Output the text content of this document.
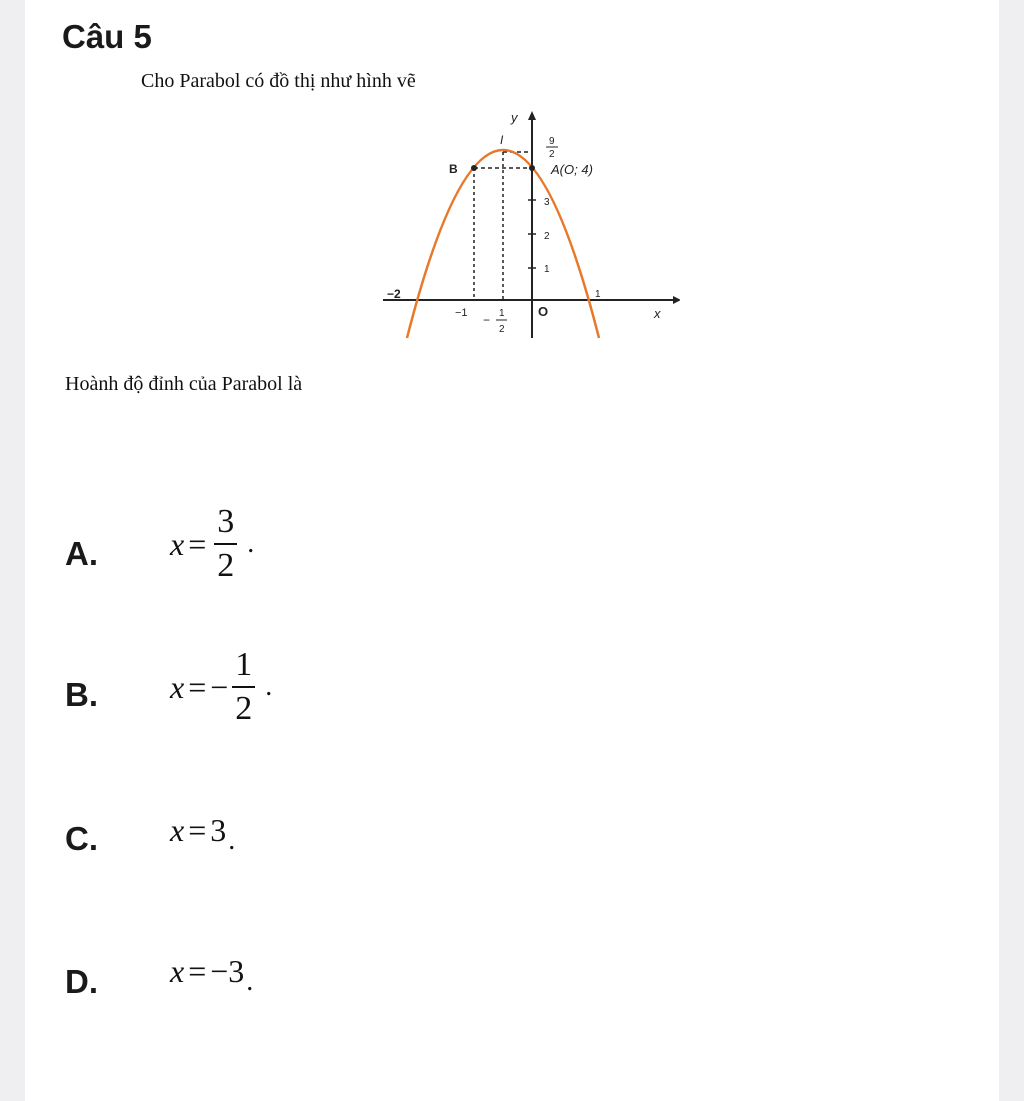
Câu 5
Cho Parabol có đồ thị như hình vẽ
y
x
I
B	A(O; 4)
O
−2
−1
1
1
2
3
− 1
2
9
2
Hoành độ đỉnh của Parabol là
A. $x = \frac{3}{2}$ .
B. x = − $\frac{1}{2}$ .
C. x = 3 .
D. x = −3 .
